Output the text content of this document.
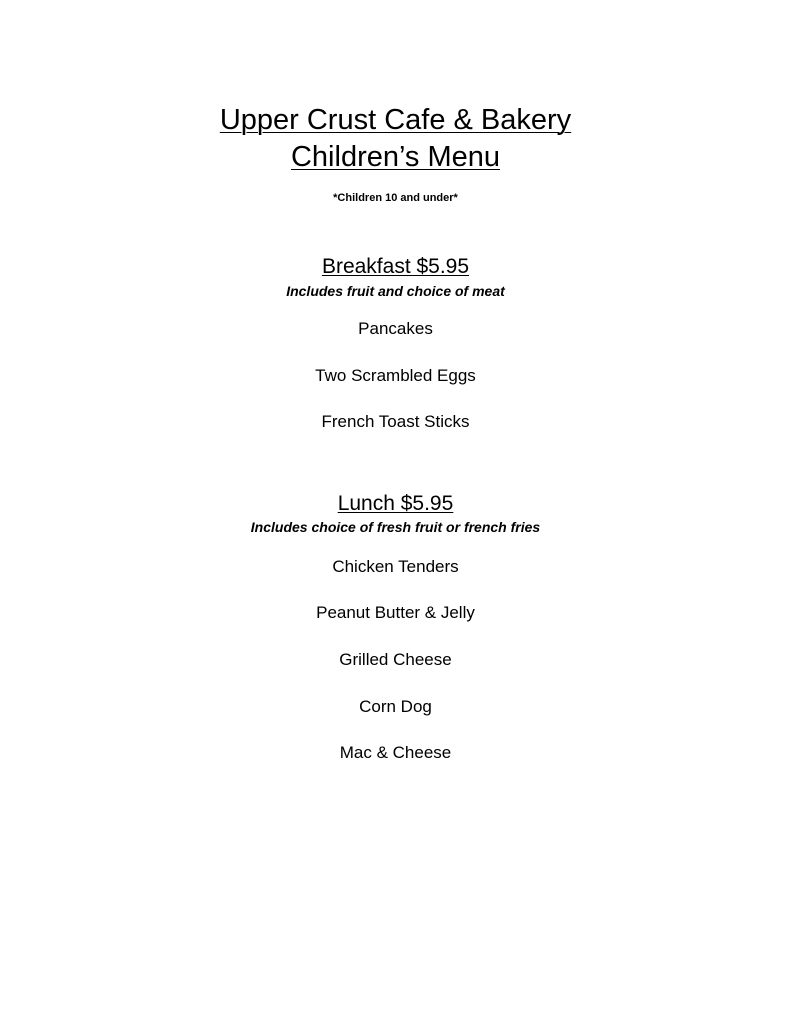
Upper Crust Cafe & Bakery
Children’s Menu
*Children 10 and under*
Breakfast $5.95
Includes fruit and choice of meat
Pancakes
Two Scrambled Eggs
French Toast Sticks
Lunch $5.95
Includes choice of fresh fruit or french fries
Chicken Tenders
Peanut Butter & Jelly
Grilled Cheese
Corn Dog
Mac & Cheese
